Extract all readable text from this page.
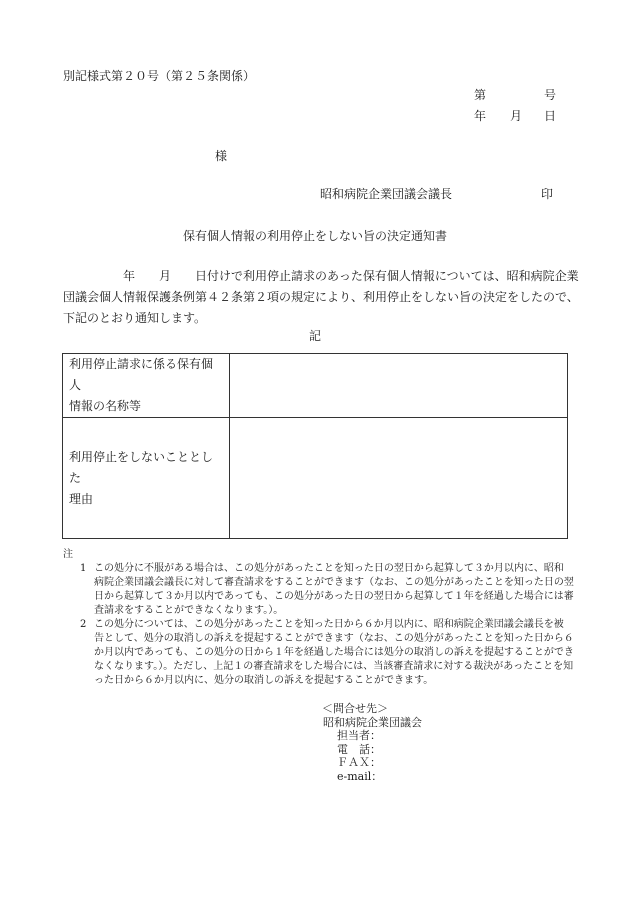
別記様式第２０号（第２５条関係）
第	号
年 月 日
様
昭和病院企業団議会議長	印
保有個人情報の利用停止をしない旨の決定通知書
　　　　　年　　月　　日付けで利用停止請求のあった保有個人情報については、昭和病院企業
団議会個人情報保護条例第４２条第２項の規定により、利用停止をしない旨の決定をしたので、
下記のとおり通知します。
記
利用停止請求に係る保有個人
情報の名称等	

利用停止をしないこととした
理由	

注
1 この処分に不服がある場合は、この処分があったことを知った日の翌日から起算して３か月以内に、昭和
病院企業団議会議長に対して審査請求をすることができます（なお、この処分があったことを知った日の翌
日から起算して３か月以内であっても、この処分があった日の翌日から起算して１年を経過した場合には審
査請求をすることができなくなります。）。
2 この処分については、この処分があったことを知った日から６か月以内に、昭和病院企業団議会議長を被
告として、処分の取消しの訴えを提起することができます（なお、この処分があったことを知った日から６
か月以内であっても、この処分の日から１年を経過した場合には処分の取消しの訴えを提起することができ
なくなります。）。ただし、上記１の審査請求をした場合には、当該審査請求に対する裁決があったことを知
った日から６か月以内に、処分の取消しの訴えを提起することができます。
＜問合せ先＞
昭和病院企業団議会
担当者：
電　話：
ＦＡＸ：
e-mail：
